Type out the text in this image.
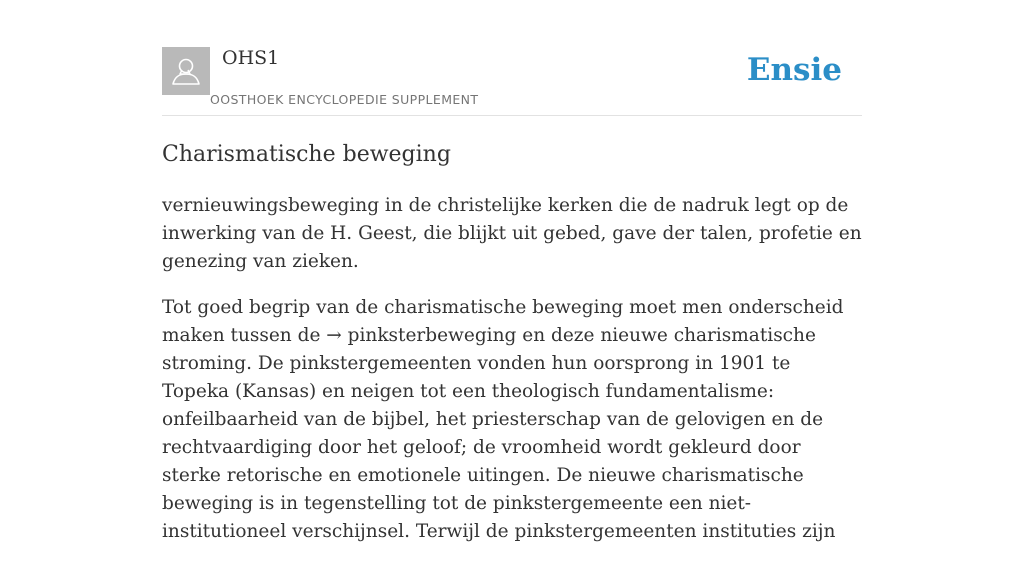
OHS1
OOSTHOEK ENCYCLOPEDIE SUPPLEMENT
Ensie
Charismatische beweging

vernieuwingsbeweging in de christelijke kerken die de nadruk legt op de inwerking van de H. Geest, die blijkt uit gebed, gave der talen, profetie en genezing van zieken.

Tot goed begrip van de charismatische beweging moet men onderscheid maken tussen de → pinksterbeweging en deze nieuwe charismatische stroming. De pinkstergemeenten vonden hun oorsprong in 1901 te Topeka (Kansas) en neigen tot een theologisch fundamentalisme: onfeilbaarheid van de bijbel, het priesterschap van de gelovigen en de rechtvaardiging door het geloof; de vroomheid wordt gekleurd door sterke retorische en emotionele uitingen. De nieuwe charismatische beweging is in tegenstelling tot de pinkstergemeente een niet-institutioneel verschijnsel. Terwijl de pinkstergemeenten instituties zijn
